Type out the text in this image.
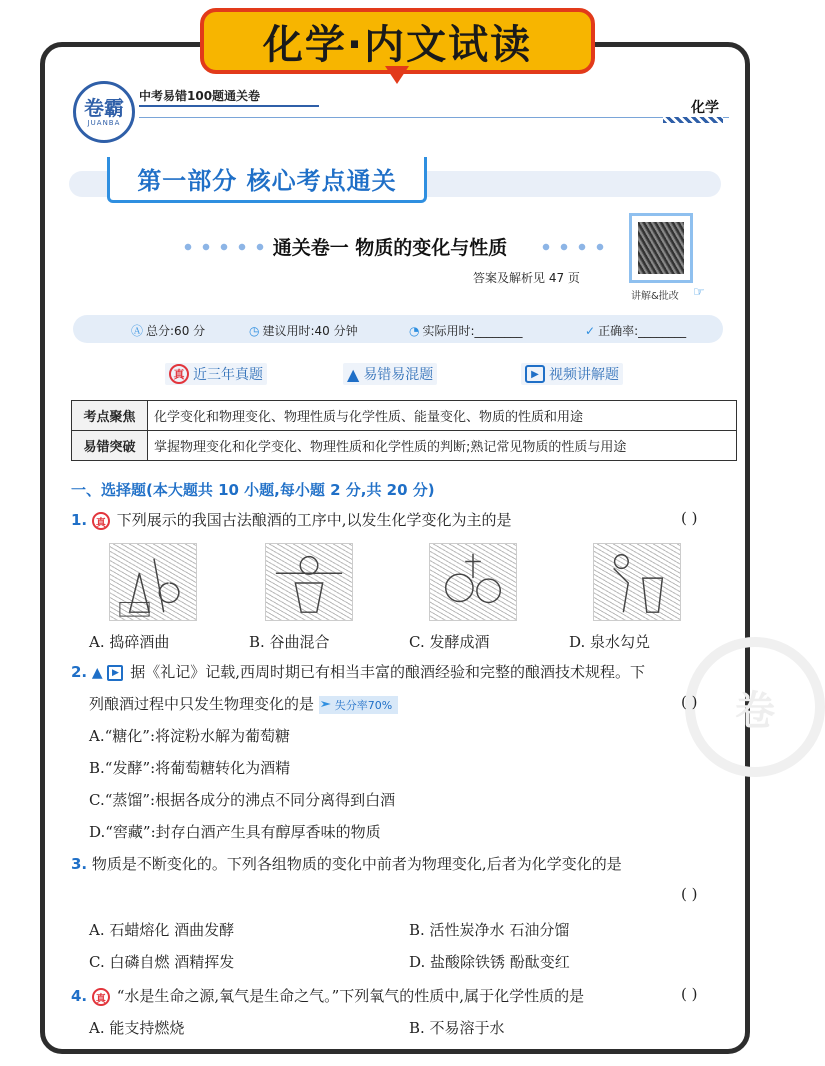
化学·内文试读
卷
卷霸
JUANBA
中考易错100题通关卷
化学
第一部分 核心考点通关
通关卷一 物质的变化与性质
答案及解析见 47 页
讲解&批改 ☞
Ⓐ 总分:60 分	◷ 建议用时:40 分钟	◔ 实际用时:________	✓ 正确率:________
真 近三年真题	▲ 易错易混题	▶ 视频讲解题
考点聚焦	化学变化和物理变化、物理性质与化学性质、能量变化、物质的性质和用途
易错突破	掌握物理变化和化学变化、物理性质和化学性质的判断;熟记常见物质的性质与用途
一、选择题(本大题共 10 小题,每小题 2 分,共 20 分)
1. 真 下列展示的我国古法酿酒的工序中,以发生化学变化为主的是	( )
A. 捣碎酒曲	B. 谷曲混合	C. 发酵成酒	D. 泉水勾兑
2. ▲ ▶ 据《礼记》记载,西周时期已有相当丰富的酿酒经验和完整的酿酒技术规程。下
列酿酒过程中只发生物理变化的是 失分率70%	( )
A.“糖化”:将淀粉水解为葡萄糖
B.“发酵”:将葡萄糖转化为酒精
C.“蒸馏”:根据各成分的沸点不同分离得到白酒
D.“窖藏”:封存白酒产生具有醇厚香味的物质
3. 物质是不断变化的。下列各组物质的变化中前者为物理变化,后者为化学变化的是
( )
A. 石蜡熔化 酒曲发酵	B. 活性炭净水 石油分馏
C. 白磷自燃 酒精挥发	D. 盐酸除铁锈 酚酞变红
4. 真 “水是生命之源,氧气是生命之气。”下列氧气的性质中,属于化学性质的是	( )
A. 能支持燃烧	B. 不易溶于水
